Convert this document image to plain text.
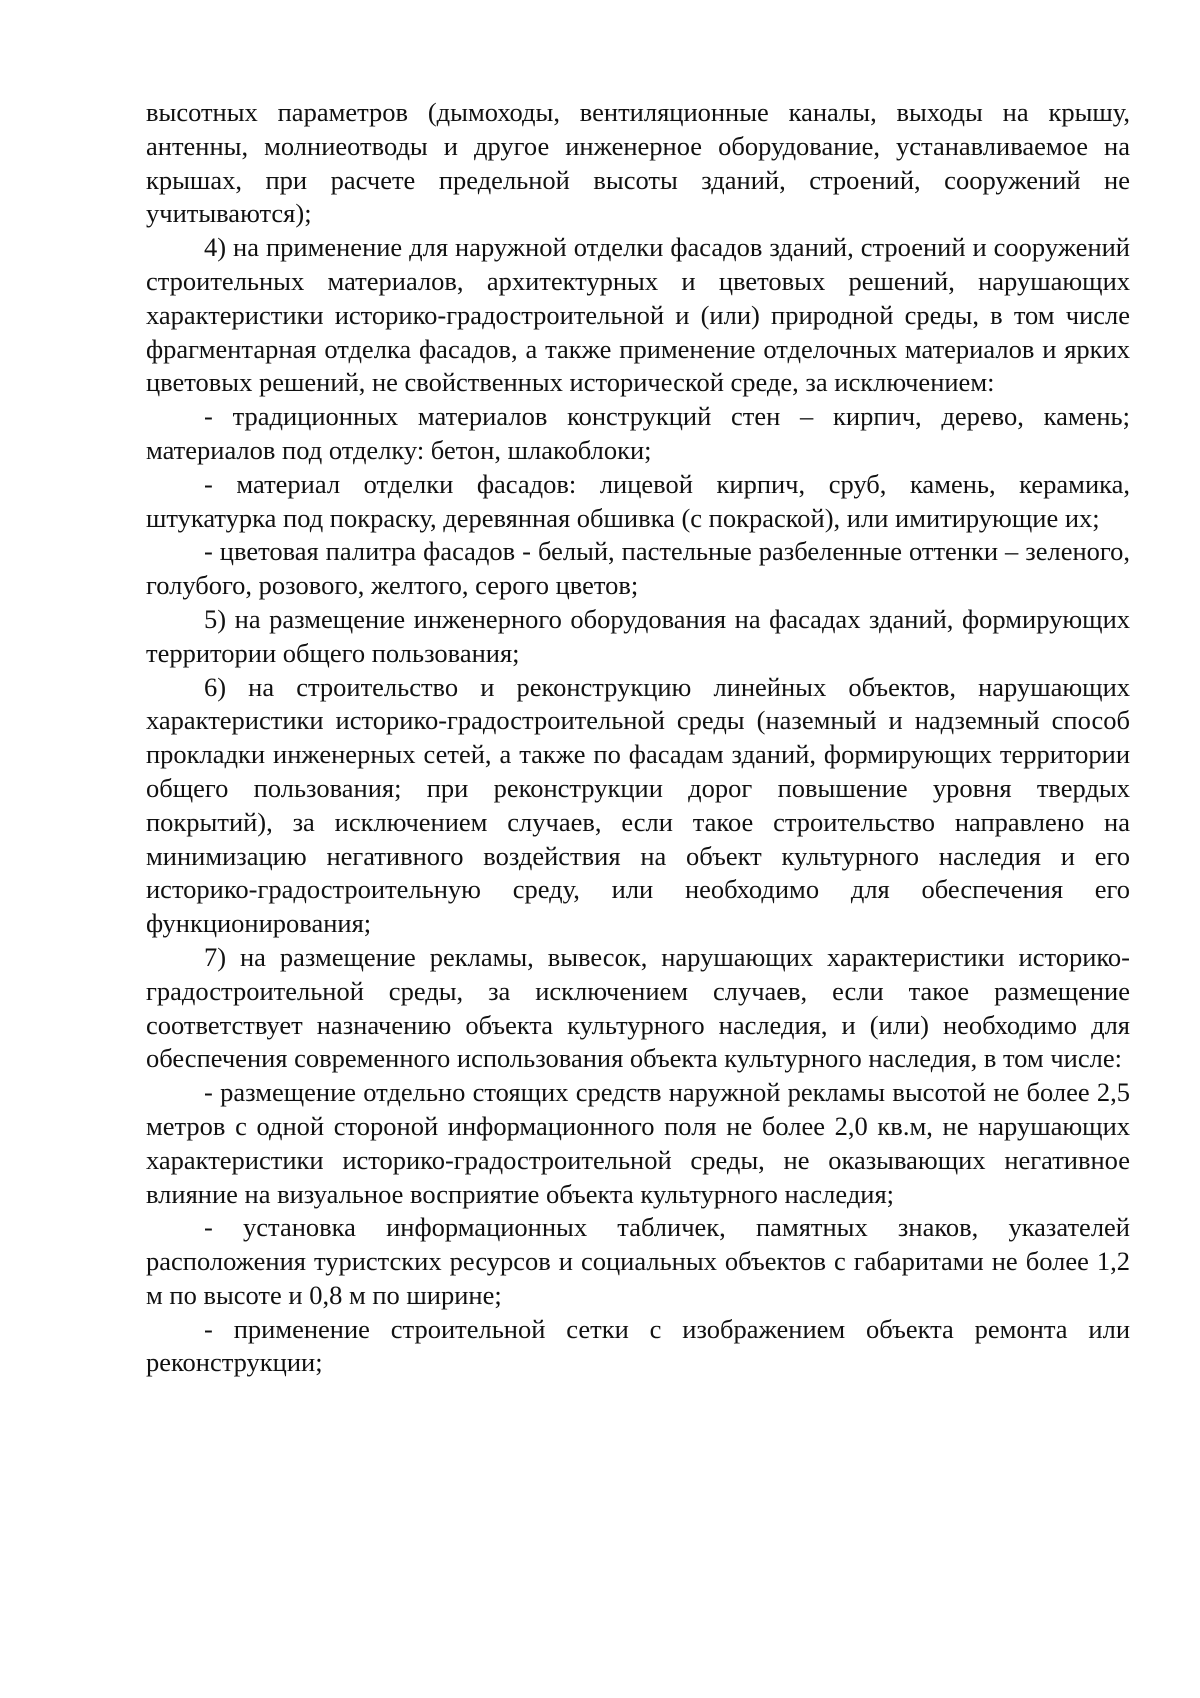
высотных параметров (дымоходы, вентиляционные каналы, выходы на крышу, антенны, молниеотводы и другое инженерное оборудование, устанавливаемое на крышах, при расчете предельной высоты зданий, строений, сооружений не учитываются);

4) на применение для наружной отделки фасадов зданий, строений и сооружений строительных материалов, архитектурных и цветовых решений, нарушающих характеристики историко-градостроительной и (или) природной среды, в том числе фрагментарная отделка фасадов, а также применение отделочных материалов и ярких цветовых решений, не свойственных исторической среде, за исключением:

- традиционных материалов конструкций стен – кирпич, дерево, камень; материалов под отделку: бетон, шлакоблоки;

- материал отделки фасадов: лицевой кирпич, сруб, камень, керамика, штукатурка под покраску, деревянная обшивка (с покраской), или имитирующие их;

- цветовая палитра фасадов - белый, пастельные разбеленные оттенки – зеленого, голубого, розового, желтого, серого цветов;

5) на размещение инженерного оборудования на фасадах зданий, формирующих территории общего пользования;

6) на строительство и реконструкцию линейных объектов, нарушающих характеристики историко-градостроительной среды (наземный и надземный способ прокладки инженерных сетей, а также по фасадам зданий, формирующих территории общего пользования; при реконструкции дорог повышение уровня твердых покрытий), за исключением случаев, если такое строительство направлено на минимизацию негативного воздействия на объект культурного наследия и его историко-градостроительную среду, или необходимо для обеспечения его функционирования;

7) на размещение рекламы, вывесок, нарушающих характеристики историко-градостроительной среды, за исключением случаев, если такое размещение соответствует назначению объекта культурного наследия, и (или) необходимо для обеспечения современного использования объекта культурного наследия, в том числе:

- размещение отдельно стоящих средств наружной рекламы высотой не более 2,5 метров с одной стороной информационного поля не более 2,0 кв.м, не нарушающих характеристики историко-градостроительной среды, не оказывающих негативное влияние на визуальное восприятие объекта культурного наследия;

- установка информационных табличек, памятных знаков, указателей расположения туристских ресурсов и социальных объектов с габаритами не более 1,2 м по высоте и 0,8 м по ширине;

- применение строительной сетки с изображением объекта ремонта или реконструкции;
